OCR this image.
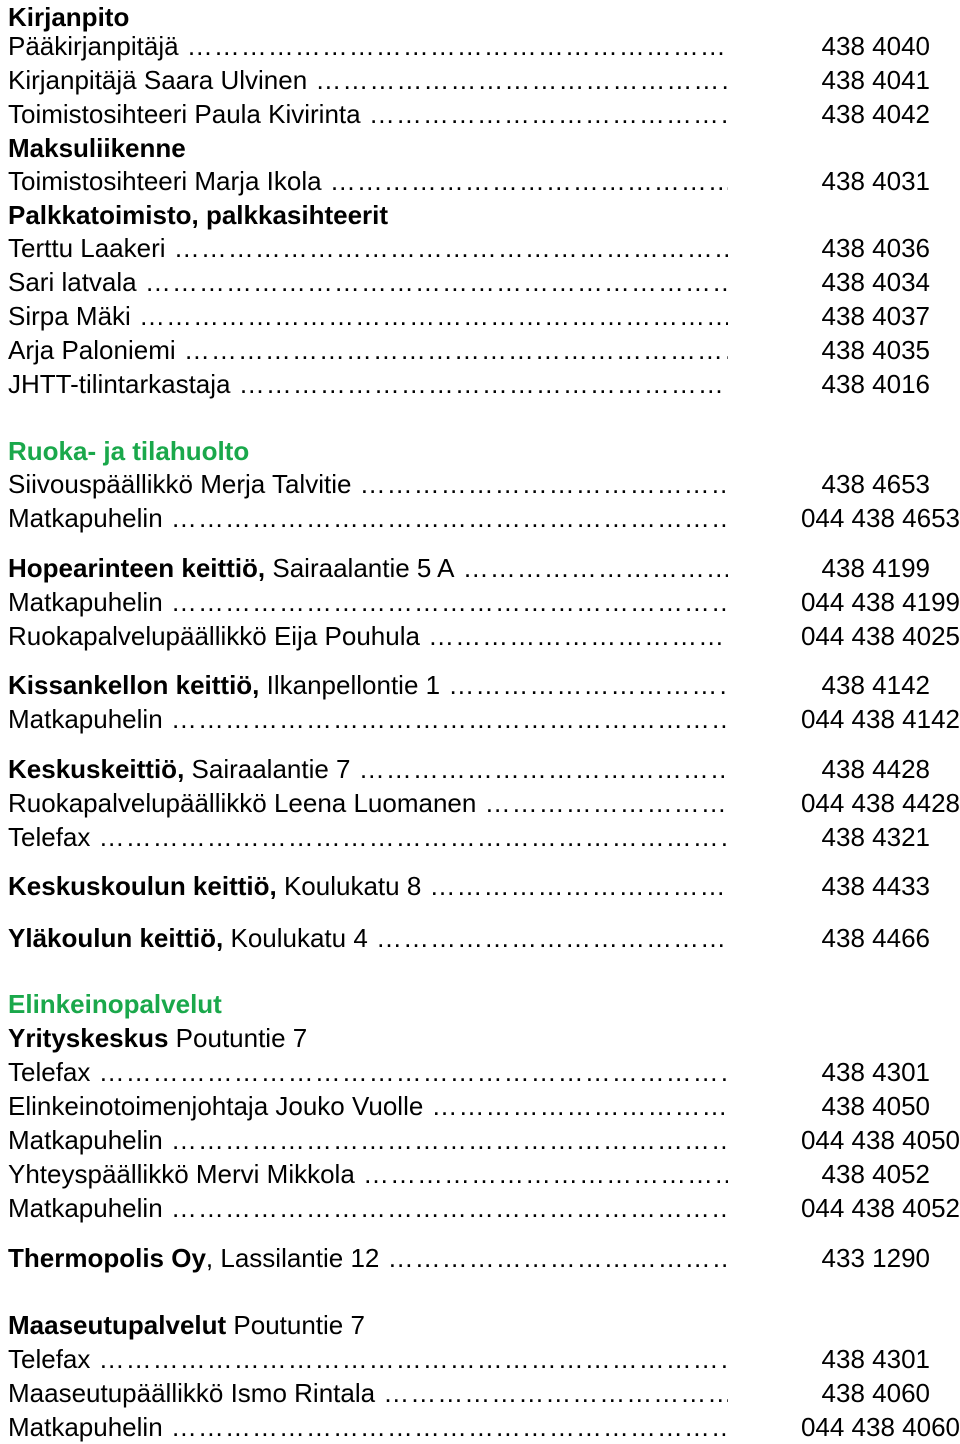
Kirjanpito
Pääkirjanpitäjä ……………………………………………………………………………………………………………………………………………………	438 4040
Kirjanpitäjä Saara Ulvinen ……………………………………………………………………………………………………………………………………………………	438 4041
Toimistosihteeri Paula Kivirinta ……………………………………………………………………………………………………………………………………………………	438 4042
Maksuliikenne
Toimistosihteeri Marja Ikola ……………………………………………………………………………………………………………………………………………………	438 4031
Palkkatoimisto, palkkasihteerit
Terttu Laakeri ……………………………………………………………………………………………………………………………………………………	438 4036
Sari latvala ……………………………………………………………………………………………………………………………………………………	438 4034
Sirpa Mäki ……………………………………………………………………………………………………………………………………………………	438 4037
Arja Paloniemi ……………………………………………………………………………………………………………………………………………………	438 4035
JHTT-tilintarkastaja ……………………………………………………………………………………………………………………………………………………	438 4016
Ruoka- ja tilahuolto
Siivouspäällikkö Merja Talvitie ……………………………………………………………………………………………………………………………………………………	438 4653
Matkapuhelin ……………………………………………………………………………………………………………………………………………………	044 438 4653
Hopearinteen keittiö, Sairaalantie 5 A ……………………………………………………………………………………………………………………………………………………	438 4199
Matkapuhelin ……………………………………………………………………………………………………………………………………………………	044 438 4199
Ruokapalvelupäällikkö Eija Pouhula ……………………………………………………………………………………………………………………………………………………	044 438 4025
Kissankellon keittiö, Ilkanpellontie 1 ……………………………………………………………………………………………………………………………………………………	438 4142
Matkapuhelin ……………………………………………………………………………………………………………………………………………………	044 438 4142
Keskuskeittiö, Sairaalantie 7 ……………………………………………………………………………………………………………………………………………………	438 4428
Ruokapalvelupäällikkö Leena Luomanen ……………………………………………………………………………………………………………………………………………………	044 438 4428
Telefax ……………………………………………………………………………………………………………………………………………………	438 4321
Keskuskoulun keittiö, Koulukatu 8 ……………………………………………………………………………………………………………………………………………………	438 4433
Yläkoulun keittiö, Koulukatu 4 ……………………………………………………………………………………………………………………………………………………	438 4466
Elinkeinopalvelut
Yrityskeskus Poutuntie 7
Telefax ……………………………………………………………………………………………………………………………………………………	438 4301
Elinkeinotoimenjohtaja Jouko Vuolle ……………………………………………………………………………………………………………………………………………………	438 4050
Matkapuhelin ……………………………………………………………………………………………………………………………………………………	044 438 4050
Yhteyspäällikkö Mervi Mikkola ……………………………………………………………………………………………………………………………………………………	438 4052
Matkapuhelin ……………………………………………………………………………………………………………………………………………………	044 438 4052
Thermopolis Oy, Lassilantie 12 ……………………………………………………………………………………………………………………………………………………	433 1290
Maaseutupalvelut Poutuntie 7
Telefax ……………………………………………………………………………………………………………………………………………………	438 4301
Maaseutupäällikkö Ismo Rintala ……………………………………………………………………………………………………………………………………………………	438 4060
Matkapuhelin ……………………………………………………………………………………………………………………………………………………	044 438 4060
